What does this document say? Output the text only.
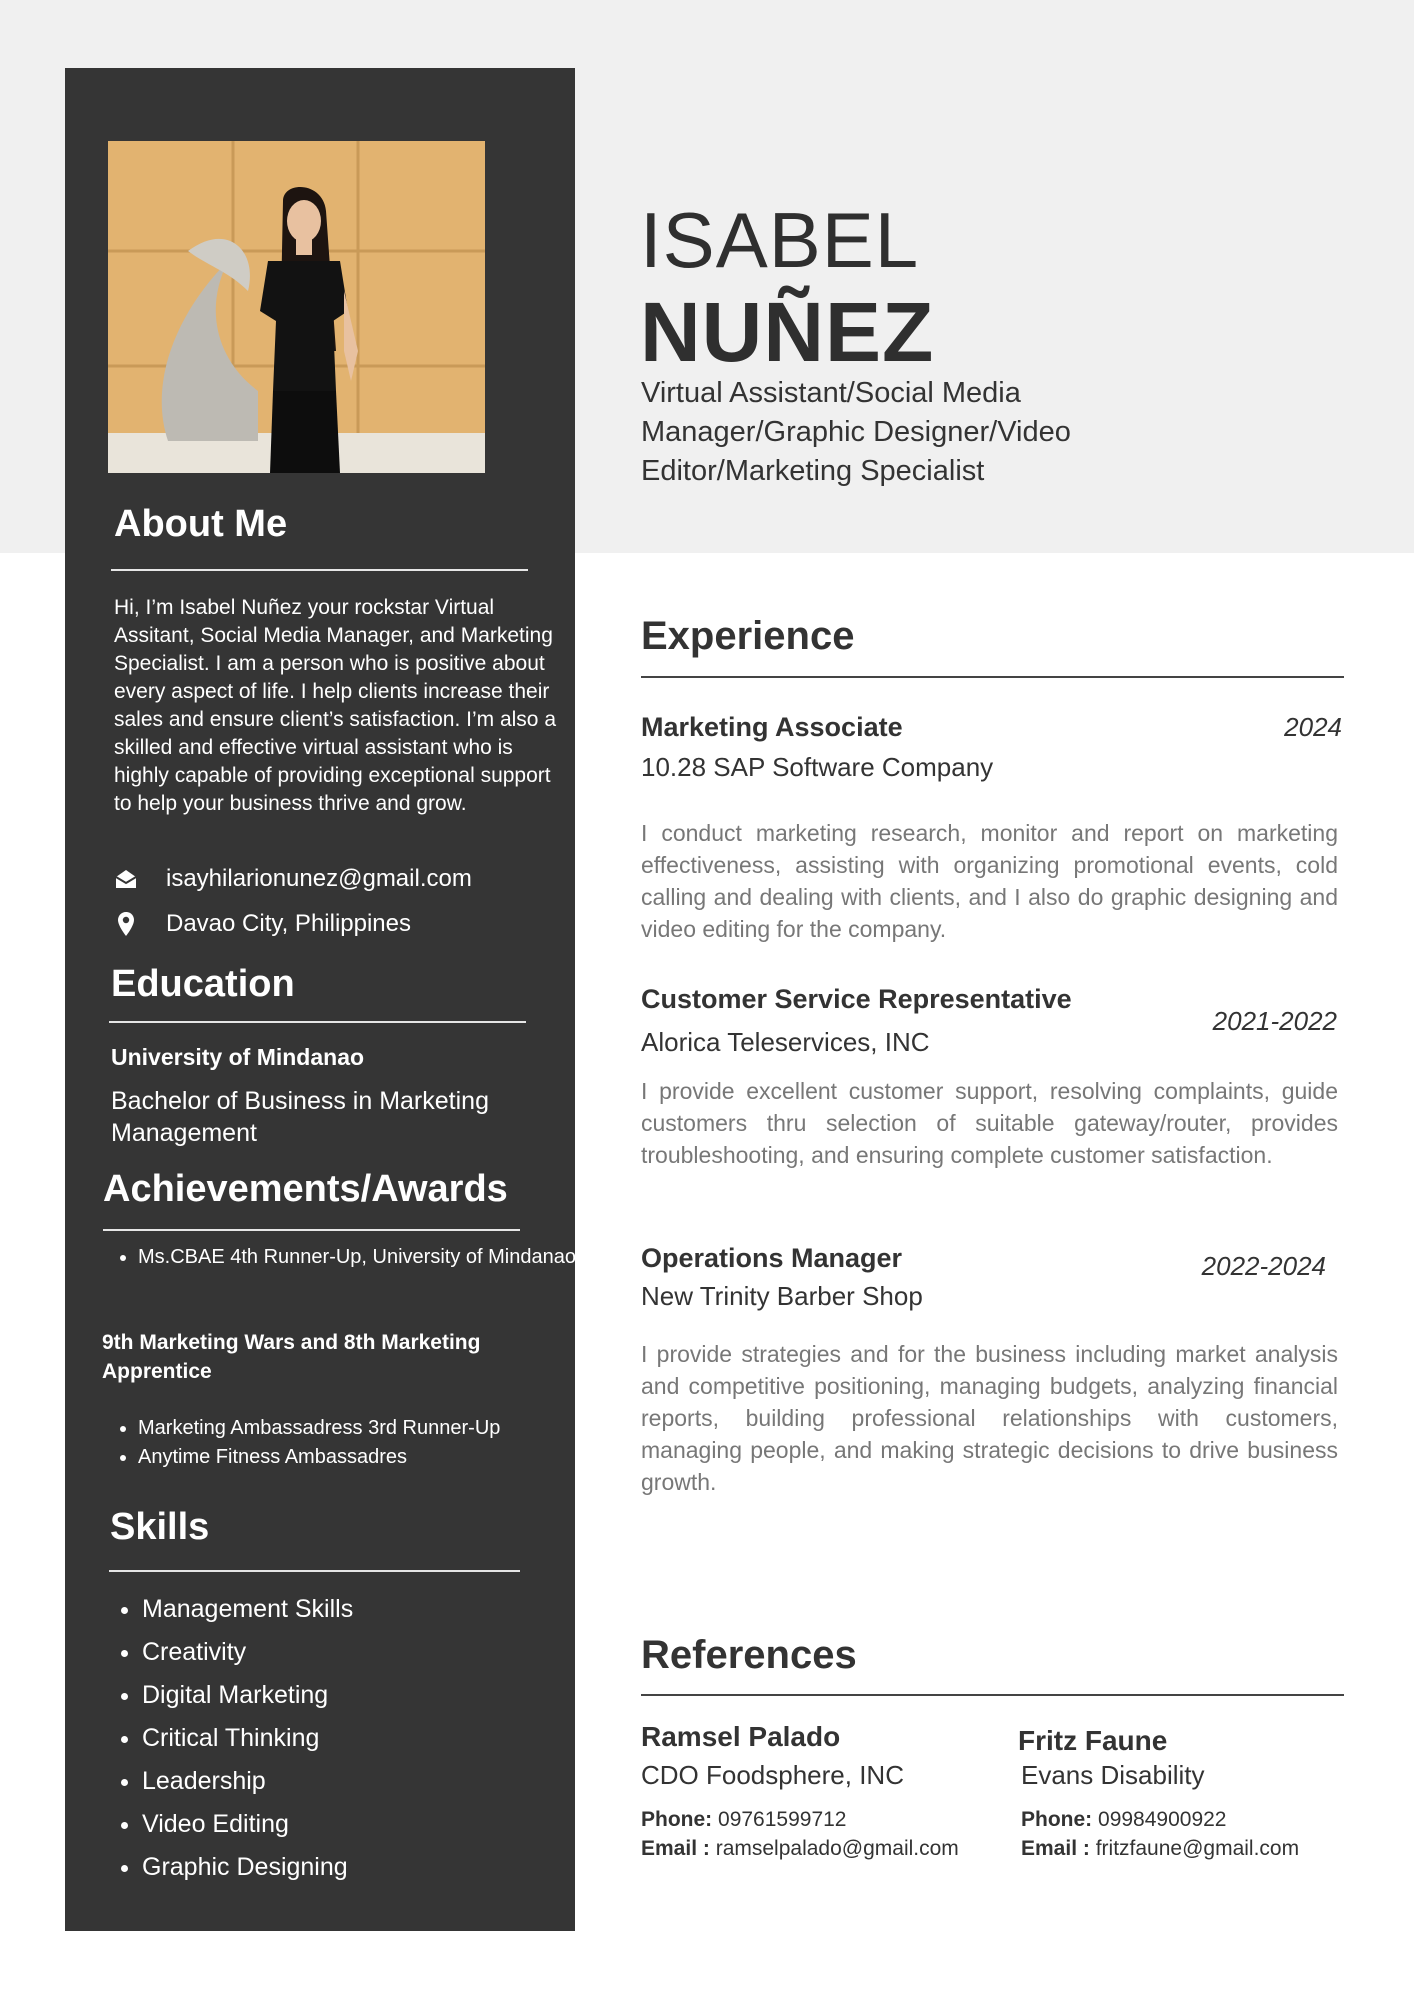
About Me
Hi, I’m Isabel Nuñez your rockstar Virtual Assitant, Social Media Manager, and Marketing Specialist. I am a person who is positive about every aspect of life. I help clients increase their sales and ensure client’s satisfaction. I’m also a skilled and effective virtual assistant who is highly capable of providing exceptional support to help your business thrive and grow.
isayhilarionunez@gmail.com
Davao City, Philippines
Education
University of Mindanao
Bachelor of Business in Marketing Management
Achievements/Awards
• Ms.CBAE 4th Runner-Up, University of Mindanao
9th Marketing Wars and 8th Marketing Apprentice
• Marketing Ambassadress 3rd Runner-Up
• Anytime Fitness Ambassadres
Skills
• Management Skills
• Creativity
• Digital Marketing
• Critical Thinking
• Leadership
• Video Editing
• Graphic Designing
ISABEL
NUÑEZ
Virtual Assistant/Social Media Manager/Graphic Designer/Video Editor/Marketing Specialist
Experience
Marketing Associate	2024
10.28 SAP Software Company
I conduct marketing research, monitor and report on marketing effectiveness, assisting with organizing promotional events, cold calling and dealing with clients, and I also do graphic designing and video editing for the company.
Customer Service Representative
2021-2022
Alorica Teleservices, INC
I provide excellent customer support, resolving complaints, guide customers thru selection of suitable gateway/router, provides troubleshooting, and ensuring complete customer satisfaction.
Operations Manager	2022-2024
New Trinity Barber Shop
I provide strategies and for the business including market analysis and competitive positioning, managing budgets, analyzing financial reports, building professional relationships with customers, managing people, and making strategic decisions to drive business growth.
References
Ramsel Palado
CDO Foodsphere, INC
Phone: 09761599712
Email : ramselpalado@gmail.com
Fritz Faune
Evans Disability
Phone: 09984900922
Email : fritzfaune@gmail.com
